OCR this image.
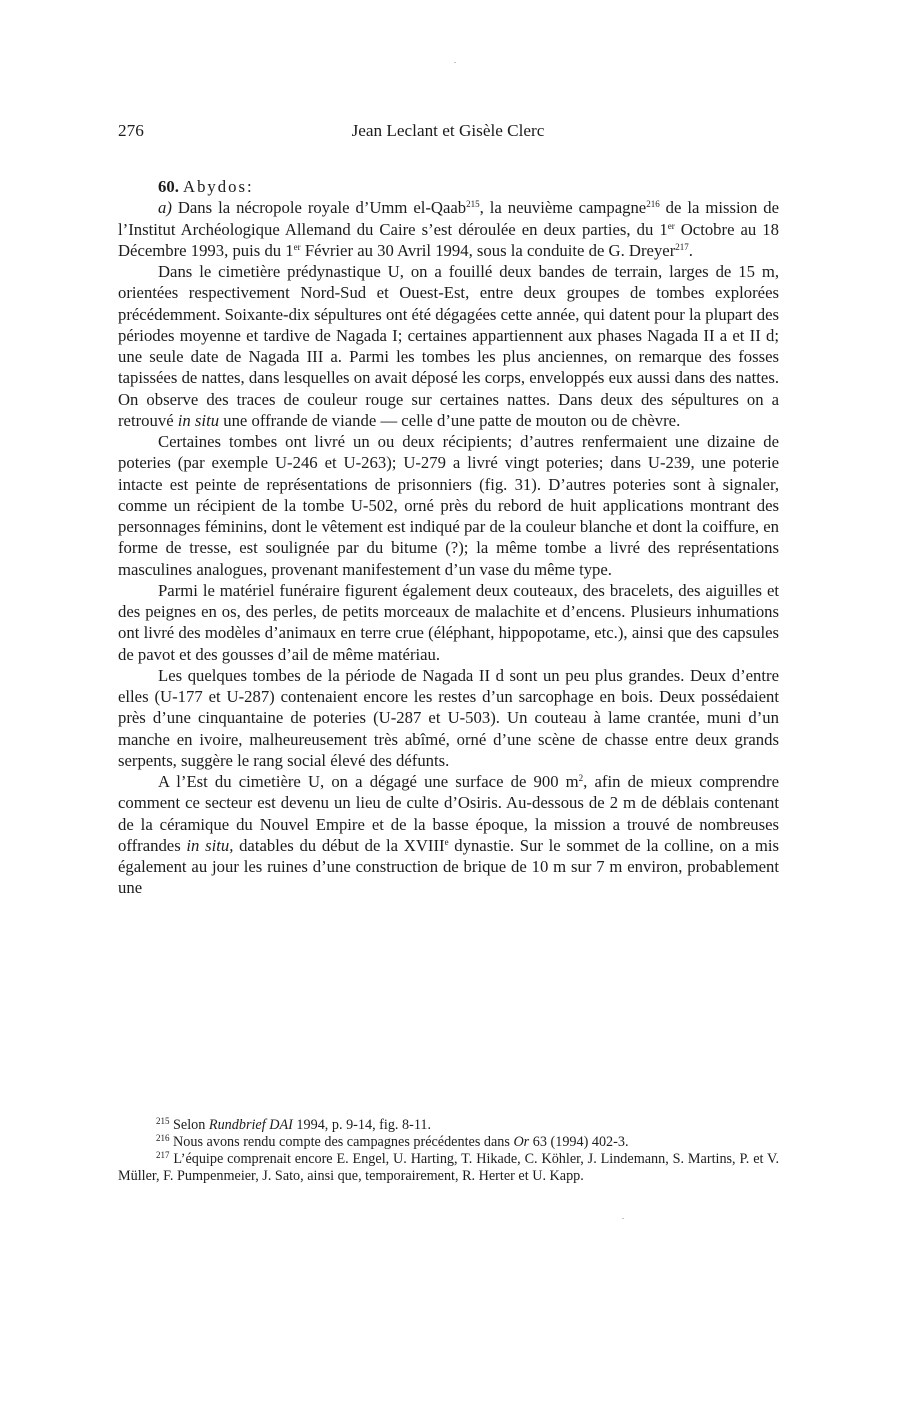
276	Jean Leclant et Gisèle Clerc

60. Abydos:

a) Dans la nécropole royale d’Umm el-Qaab$^{215}$, la neuvième campagne$^{216}$ de la mission de l’Institut Archéologique Allemand du Caire s’est déroulée en deux parties, du 1er Octobre au 18 Décembre 1993, puis du 1er Février au 30 Avril 1994, sous la conduite de G. Dreyer$^{217}$.

Dans le cimetière prédynastique U, on a fouillé deux bandes de terrain, larges de 15 m, orientées respectivement Nord-Sud et Ouest-Est, entre deux groupes de tombes explorées précédemment. Soixante-dix sépultures ont été dégagées cette année, qui datent pour la plupart des périodes moyenne et tardive de Nagada I; certaines appartiennent aux phases Nagada II a et II d; une seule date de Nagada III a. Parmi les tombes les plus anciennes, on remarque des fosses tapissées de nattes, dans lesquelles on avait déposé les corps, enveloppés eux aussi dans des nattes. On observe des traces de couleur rouge sur certaines nattes. Dans deux des sépultures on a retrouvé in situ une offrande de viande — celle d’une patte de mouton ou de chèvre.

Certaines tombes ont livré un ou deux récipients; d’autres renfermaient une dizaine de poteries (par exemple U-246 et U-263); U-279 a livré vingt poteries; dans U-239, une poterie intacte est peinte de représentations de prisonniers (fig. 31). D’autres poteries sont à signaler, comme un récipient de la tombe U-502, orné près du rebord de huit applications montrant des personnages féminins, dont le vêtement est indiqué par de la couleur blanche et dont la coiffure, en forme de tresse, est soulignée par du bitume (?); la même tombe a livré des représentations masculines analogues, provenant manifestement d’un vase du même type.

Parmi le matériel funéraire figurent également deux couteaux, des bracelets, des aiguilles et des peignes en os, des perles, de petits morceaux de malachite et d’encens. Plusieurs inhumations ont livré des modèles d’animaux en terre crue (éléphant, hippopotame, etc.), ainsi que des capsules de pavot et des gousses d’ail de même matériau.

Les quelques tombes de la période de Nagada II d sont un peu plus grandes. Deux d’entre elles (U-177 et U-287) contenaient encore les restes d’un sarcophage en bois. Deux possédaient près d’une cinquantaine de poteries (U-287 et U-503). Un couteau à lame crantée, muni d’un manche en ivoire, malheureusement très abîmé, orné d’une scène de chasse entre deux grands serpents, suggère le rang social élevé des défunts.

A l’Est du cimetière U, on a dégagé une surface de 900 $m^2$, afin de mieux comprendre comment ce secteur est devenu un lieu de culte d’Osiris. Au-dessous de 2 m de déblais contenant de la céramique du Nouvel Empire et de la basse époque, la mission a trouvé de nombreuses offrandes in situ, datables du début de la XVIIIe dynastie. Sur le sommet de la colline, on a mis également au jour les ruines d’une construction de brique de 10 m sur 7 m environ, probablement une

$^{215}$ Selon Rundbrief DAI 1994, p. 9-14, fig. 8-11.

$^{216}$ Nous avons rendu compte des campagnes précédentes dans Or 63 (1994) 402-3.

$^{217}$ L’équipe comprenait encore E. Engel, U. Harting, T. Hikade, C. Köhler, J. Lindemann, S. Martins, P. et V. Müller, F. Pumpenmeier, J. Sato, ainsi que, temporairement, R. Herter et U. Kapp.
